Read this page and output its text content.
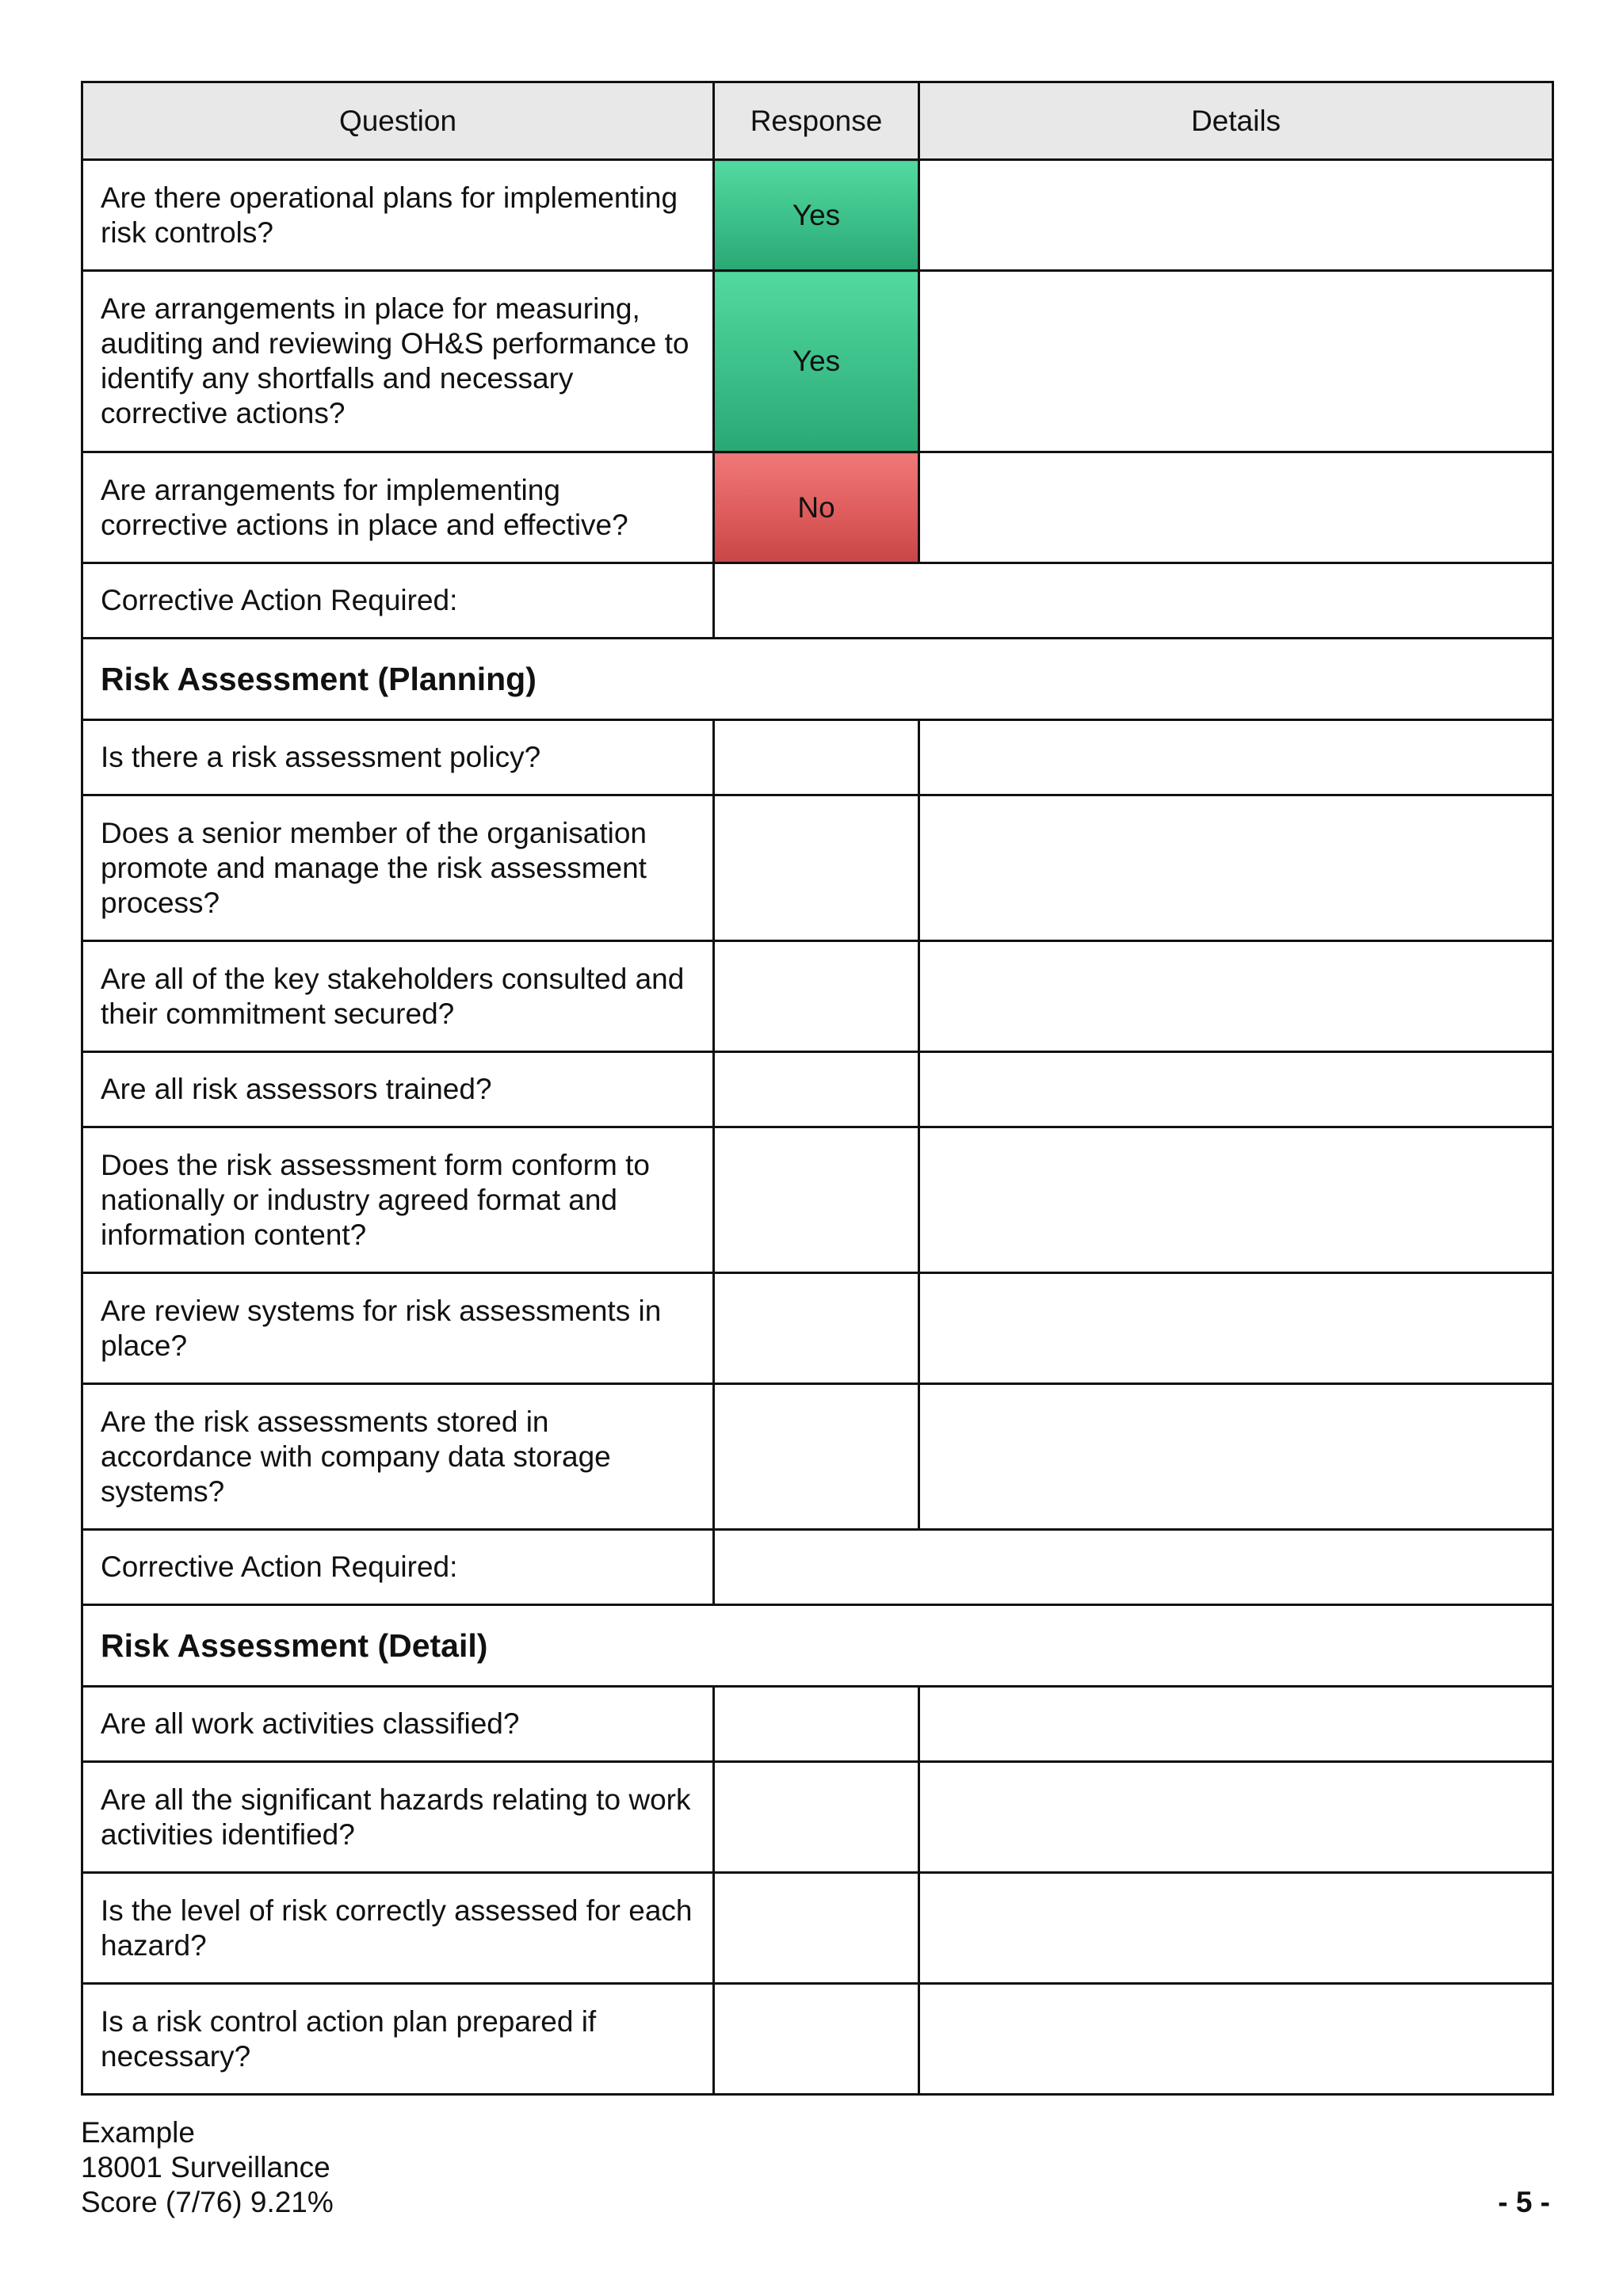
Question	Response	Details
Are there operational plans for implementing risk controls?	Yes	
Are arrangements in place for measuring, auditing and reviewing OH&S performance to identify any shortfalls and necessary corrective actions?	Yes	
Are arrangements for implementing corrective actions in place and effective?	No	
Corrective Action Required:		
Risk Assessment (Planning)		
Is there a risk assessment policy?		
Does a senior member of the organisation promote and manage the risk assessment process?		
Are all of the key stakeholders consulted and their commitment secured?		
Are all risk assessors trained?		
Does the risk assessment form conform to nationally or industry agreed format and information content?		
Are review systems for risk assessments in place?		
Are the risk assessments stored in accordance with company data storage systems?		
Corrective Action Required:		
Risk Assessment (Detail)		
Are all work activities classified?		
Are all the significant hazards relating to work activities identified?		
Is the level of risk correctly assessed for each hazard?		
Is a risk control action plan prepared if necessary?		
Example
18001 Surveillance
Score (7/76) 9.21%	- 5 -
